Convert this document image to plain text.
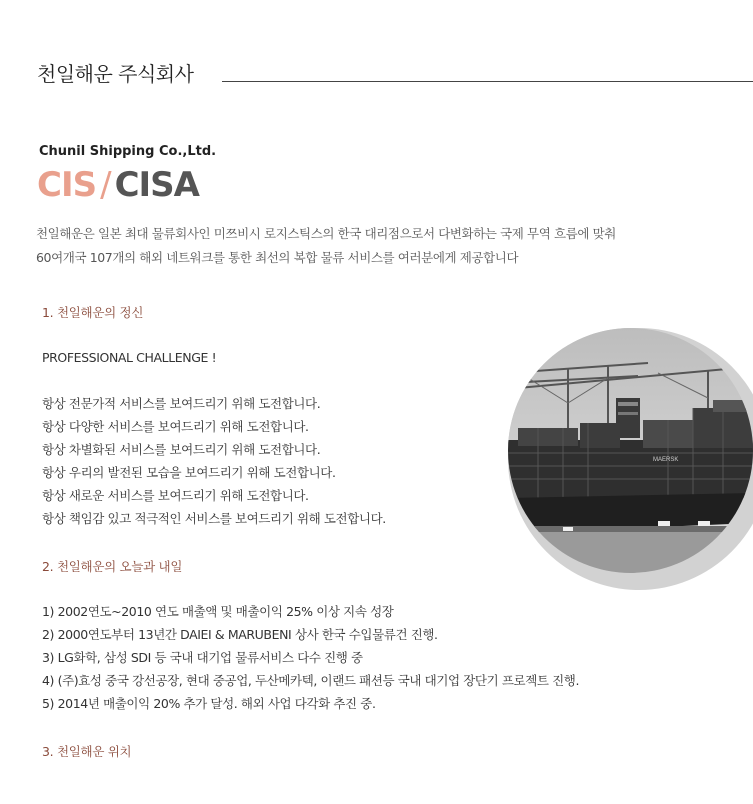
천일해운 주식회사
Chunil Shipping Co.,Ltd.
CIS / CISA
천일해운은 일본 최대 물류회사인 미쯔비시 로지스틱스의 한국 대리점으로서 다변화하는 국제 무역 흐름에 맞춰
60여개국 107개의 해외 네트워크를 통한 최선의 복합 물류 서비스를 여러분에게 제공합니다
1. 천일해운의 정신
PROFESSIONAL CHALLENGE !
항상 전문가적 서비스를 보여드리기 위해 도전합니다.
항상 다양한 서비스를 보여드리기 위해 도전합니다.
항상 차별화된 서비스를 보여드리기 위해 도전합니다.
항상 우리의 발전된 모습을 보여드리기 위해 도전합니다.
항상 새로운 서비스를 보여드리기 위해 도전합니다.
항상 책임감 있고 적극적인 서비스를 보여드리기 위해 도전합니다.
2. 천일해운의 오늘과 내일
1) 2002연도~2010 연도 매출액 및 매출이익 25% 이상 지속 성장
2) 2000연도부터 13년간 DAIEI & MARUBENI 상사 한국 수입물류건 진행.
3) LG화학, 삼성 SDI 등 국내 대기업 물류서비스 다수 진행 중
4) (주)효성 중국 강선공장, 현대 중공업, 두산메카텍, 이랜드 패션등 국내 대기업 장단기 프로젝트 진행.
5) 2014년 매출이익 20% 추가 달성. 해외 사업 다각화 추진 중.
3. 천일해운 위치
MAERSK
